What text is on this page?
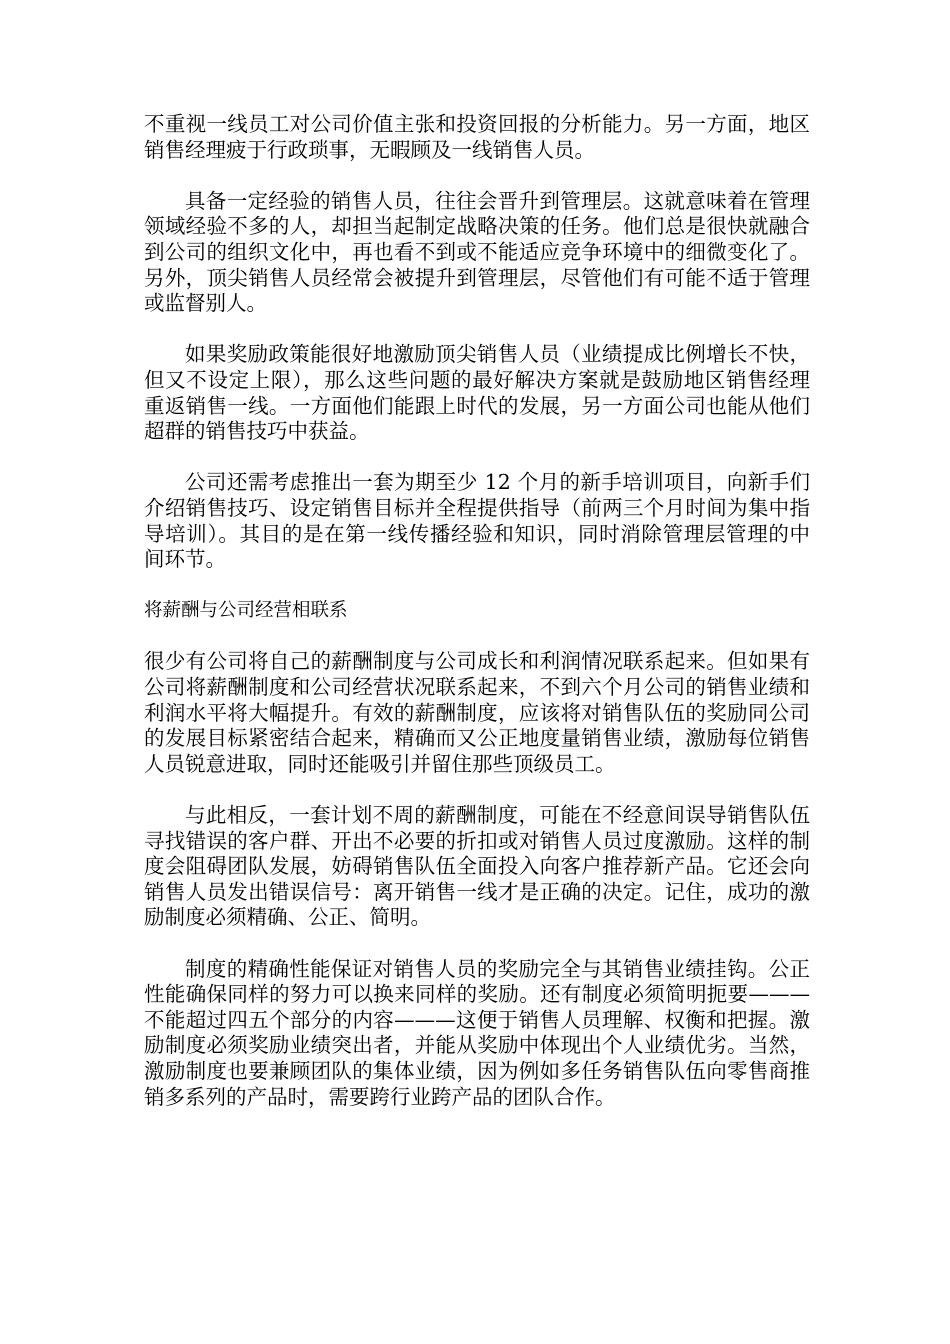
不重视一线员工对公司价值主张和投资回报的分析能力。另一方面，地区销售经理疲于行政琐事，无暇顾及一线销售人员。

具备一定经验的销售人员，往往会晋升到管理层。这就意味着在管理领域经验不多的人，却担当起制定战略决策的任务。他们总是很快就融合到公司的组织文化中，再也看不到或不能适应竞争环境中的细微变化了。另外，顶尖销售人员经常会被提升到管理层，尽管他们有可能不适于管理或监督别人。

如果奖励政策能很好地激励顶尖销售人员（业绩提成比例增长不快，但又不设定上限），那么这些问题的最好解决方案就是鼓励地区销售经理重返销售一线。一方面他们能跟上时代的发展，另一方面公司也能从他们超群的销售技巧中获益。

公司还需考虑推出一套为期至少 12 个月的新手培训项目，向新手们介绍销售技巧、设定销售目标并全程提供指导（前两三个月时间为集中指导培训）。其目的是在第一线传播经验和知识，同时消除管理层管理的中间环节。

将薪酬与公司经营相联系

很少有公司将自己的薪酬制度与公司成长和利润情况联系起来。但如果有公司将薪酬制度和公司经营状况联系起来，不到六个月公司的销售业绩和利润水平将大幅提升。有效的薪酬制度，应该将对销售队伍的奖励同公司的发展目标紧密结合起来，精确而又公正地度量销售业绩，激励每位销售人员锐意进取，同时还能吸引并留住那些顶级员工。

与此相反，一套计划不周的薪酬制度，可能在不经意间误导销售队伍寻找错误的客户群、开出不必要的折扣或对销售人员过度激励。这样的制度会阻碍团队发展，妨碍销售队伍全面投入向客户推荐新产品。它还会向销售人员发出错误信号：离开销售一线才是正确的决定。记住，成功的激励制度必须精确、公正、简明。

制度的精确性能保证对销售人员的奖励完全与其销售业绩挂钩。公正性能确保同样的努力可以换来同样的奖励。还有制度必须简明扼要———不能超过四五个部分的内容———这便于销售人员理解、权衡和把握。激励制度必须奖励业绩突出者，并能从奖励中体现出个人业绩优劣。当然，激励制度也要兼顾团队的集体业绩，因为例如多任务销售队伍向零售商推销多系列的产品时，需要跨行业跨产品的团队合作。
